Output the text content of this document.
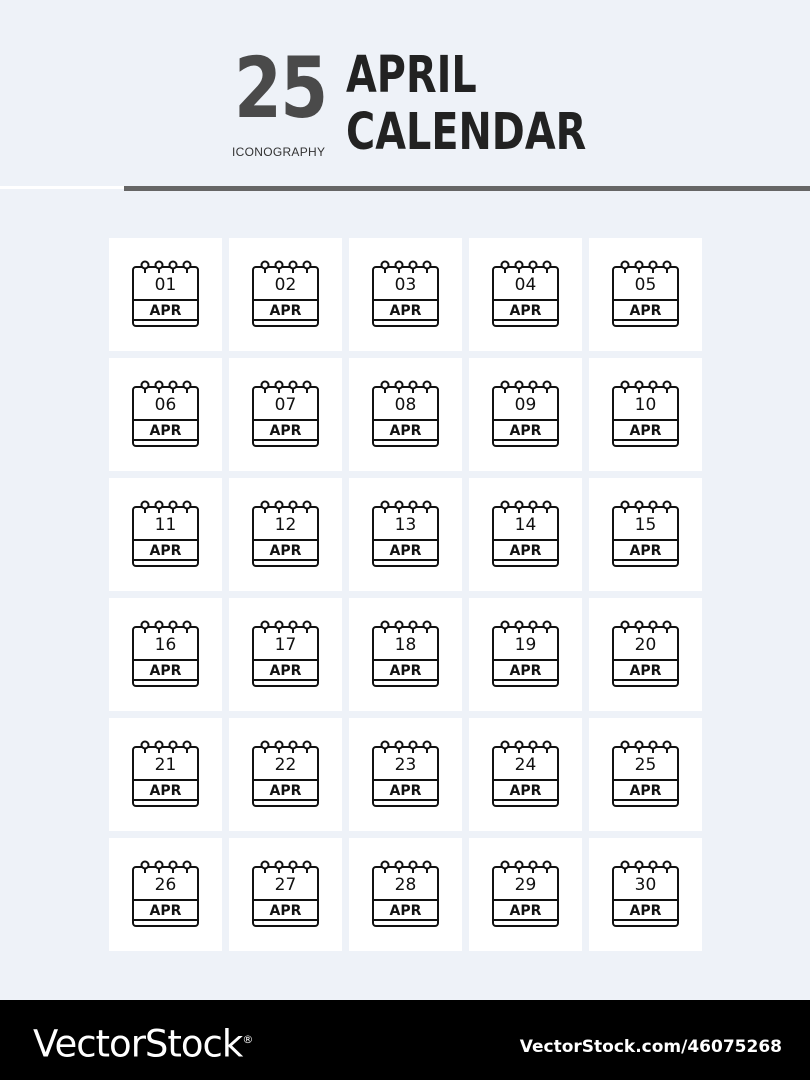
25
ICONOGRAPHY
APRIL
CALENDAR
01
APR
02
APR
03
APR
04
APR
05
APR
06
APR
07
APR
08
APR
09
APR
10
APR
11
APR
12
APR
13
APR
14
APR
15
APR
16
APR
17
APR
18
APR
19
APR
20
APR
21
APR
22
APR
23
APR
24
APR
25
APR
26
APR
27
APR
28
APR
29
APR
30
APR
VectorStock®	VectorStock.com/46075268
